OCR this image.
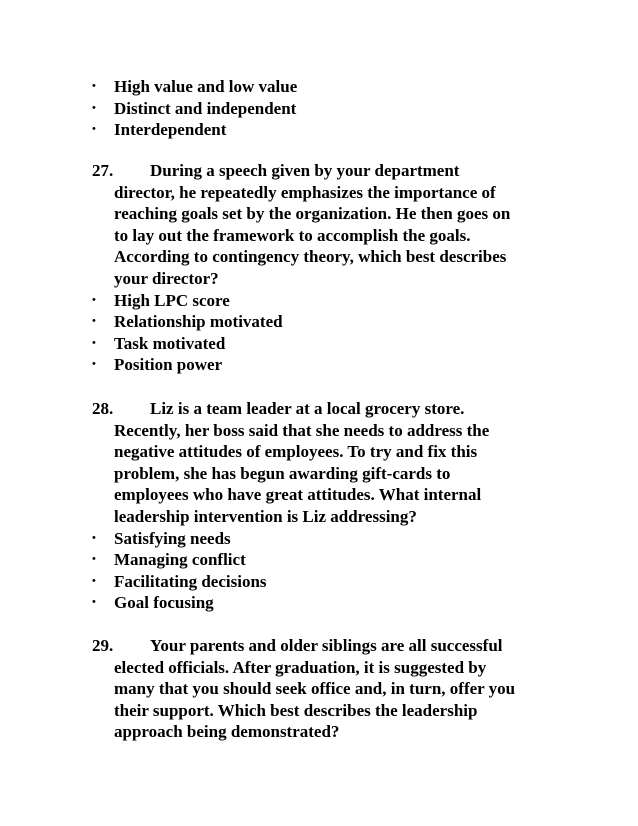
•	High value and low value
•	Distinct and independent
•	Interdependent
27. During a speech given by your department
director, he repeatedly emphasizes the importance of
reaching goals set by the organization. He then goes on
to lay out the framework to accomplish the goals.
According to contingency theory, which best describes
your director?
•	High LPC score
•	Relationship motivated
•	Task motivated
•	Position power
28. Liz is a team leader at a local grocery store.
Recently, her boss said that she needs to address the
negative attitudes of employees. To try and fix this
problem, she has begun awarding gift-cards to
employees who have great attitudes. What internal
leadership intervention is Liz addressing?
•	Satisfying needs
•	Managing conflict
•	Facilitating decisions
•	Goal focusing
29. Your parents and older siblings are all successful
elected officials. After graduation, it is suggested by
many that you should seek office and, in turn, offer you
their support. Which best describes the leadership
approach being demonstrated?
